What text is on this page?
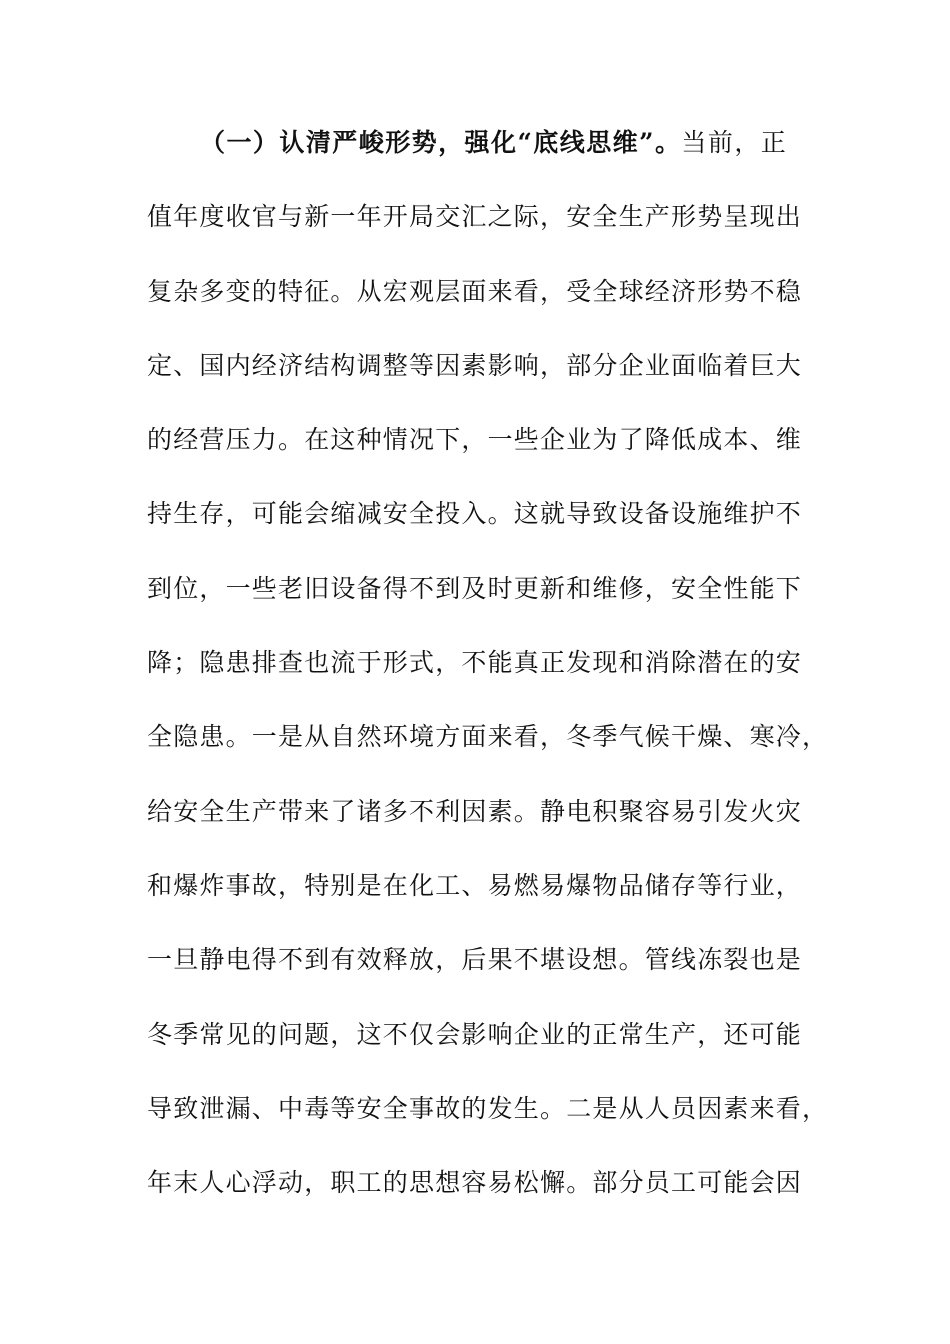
（一）认清严峻形势，强化“底线思维”。当前，正
值年度收官与新一年开局交汇之际，安全生产形势呈现出
复杂多变的特征。从宏观层面来看，受全球经济形势不稳
定、国内经济结构调整等因素影响，部分企业面临着巨大
的经营压力。在这种情况下，一些企业为了降低成本、维
持生存，可能会缩减安全投入。这就导致设备设施维护不
到位，一些老旧设备得不到及时更新和维修，安全性能下
降；隐患排查也流于形式，不能真正发现和消除潜在的安
全隐患。一是从自然环境方面来看，冬季气候干燥、寒冷，
给安全生产带来了诸多不利因素。静电积聚容易引发火灾
和爆炸事故，特别是在化工、易燃易爆物品储存等行业，
一旦静电得不到有效释放，后果不堪设想。管线冻裂也是
冬季常见的问题，这不仅会影响企业的正常生产，还可能
导致泄漏、中毒等安全事故的发生。二是从人员因素来看，
年末人心浮动，职工的思想容易松懈。部分员工可能会因
